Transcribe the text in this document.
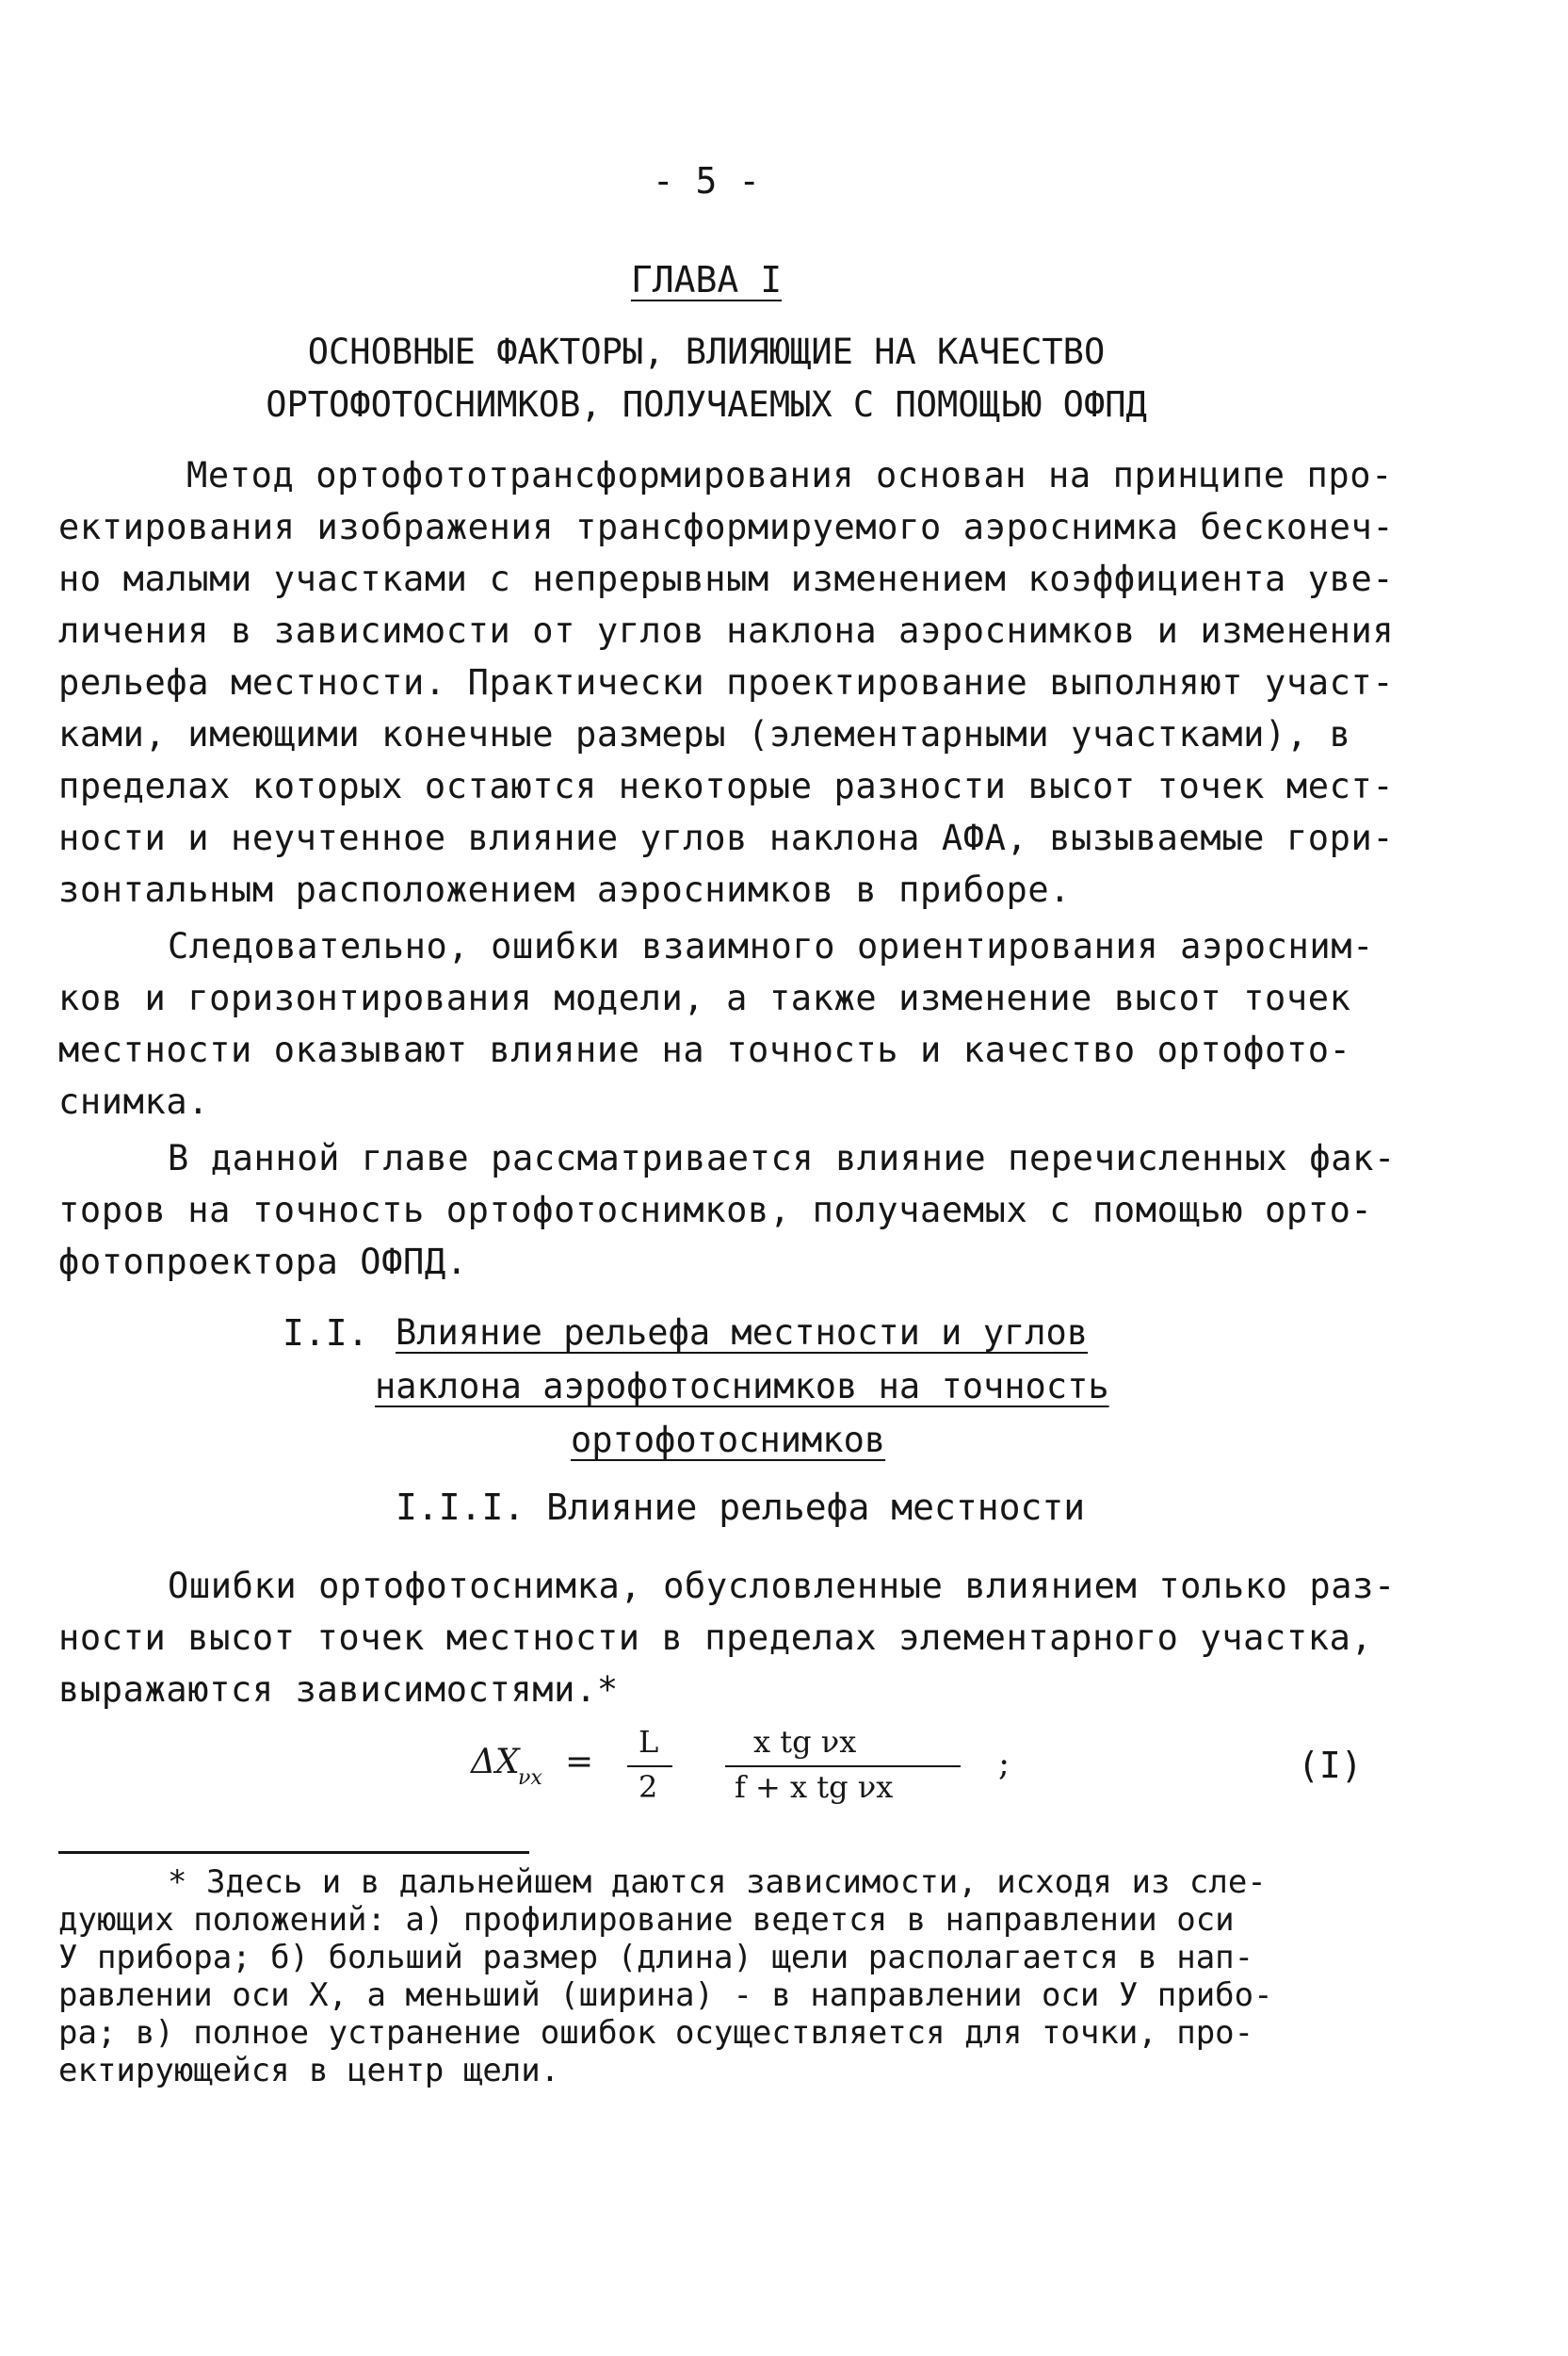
- 5 -
ГЛАВА I
ОСНОВНЫЕ ФАКТОРЫ, ВЛИЯЮЩИЕ НА КАЧЕСТВО
ОРТОФОТОСНИМКОВ, ПОЛУЧАЕМЫХ С ПОМОЩЬЮ ОФПД
Метод ортофототрансформирования основан на принципе про-
ектирования изображения трансформируемого аэроснимка бесконеч-
но малыми участками с непрерывным изменением коэффициента уве-
личения в зависимости от углов наклона аэроснимков и изменения
рельефа местности. Практически проектирование выполняют участ-
ками, имеющими конечные размеры (элементарными участками), в
пределах которых остаются некоторые разности высот точек мест-
ности и неучтенное влияние углов наклона АФА, вызываемые гори-
зонтальным расположением аэроснимков в приборе.
Следовательно, ошибки взаимного ориентирования аэросним-
ков и горизонтирования модели, а также изменение высот точек
местности оказывают влияние на точность и качество ортофото-
снимка.
В данной главе рассматривается влияние перечисленных фак-
торов на точность ортофотоснимков, получаемых с помощью орто-
фотопроектора ОФПД.
I.I. Влияние рельефа местности и углов
наклона аэрофотоснимков на точность
ортофотоснимков
I.I.I. Влияние рельефа местности
Ошибки ортофотоснимка, обусловленные влиянием только раз-
ности высот точек местности в пределах элементарного участка,
выражаются зависимостями.*
ΔX
νx =
L
2
x tg νx
f + x tg νx
;	(I)
* Здесь и в дальнейшем даются зависимости, исходя из сле-
дующих положений: а) профилирование ведется в направлении оси
У прибора; б) больший размер (длина) щели располагается в нап-
равлении оси Х, а меньший (ширина) - в направлении оси У прибо-
ра; в) полное устранение ошибок осуществляется для точки, про-
ектирующейся в центр щели.
